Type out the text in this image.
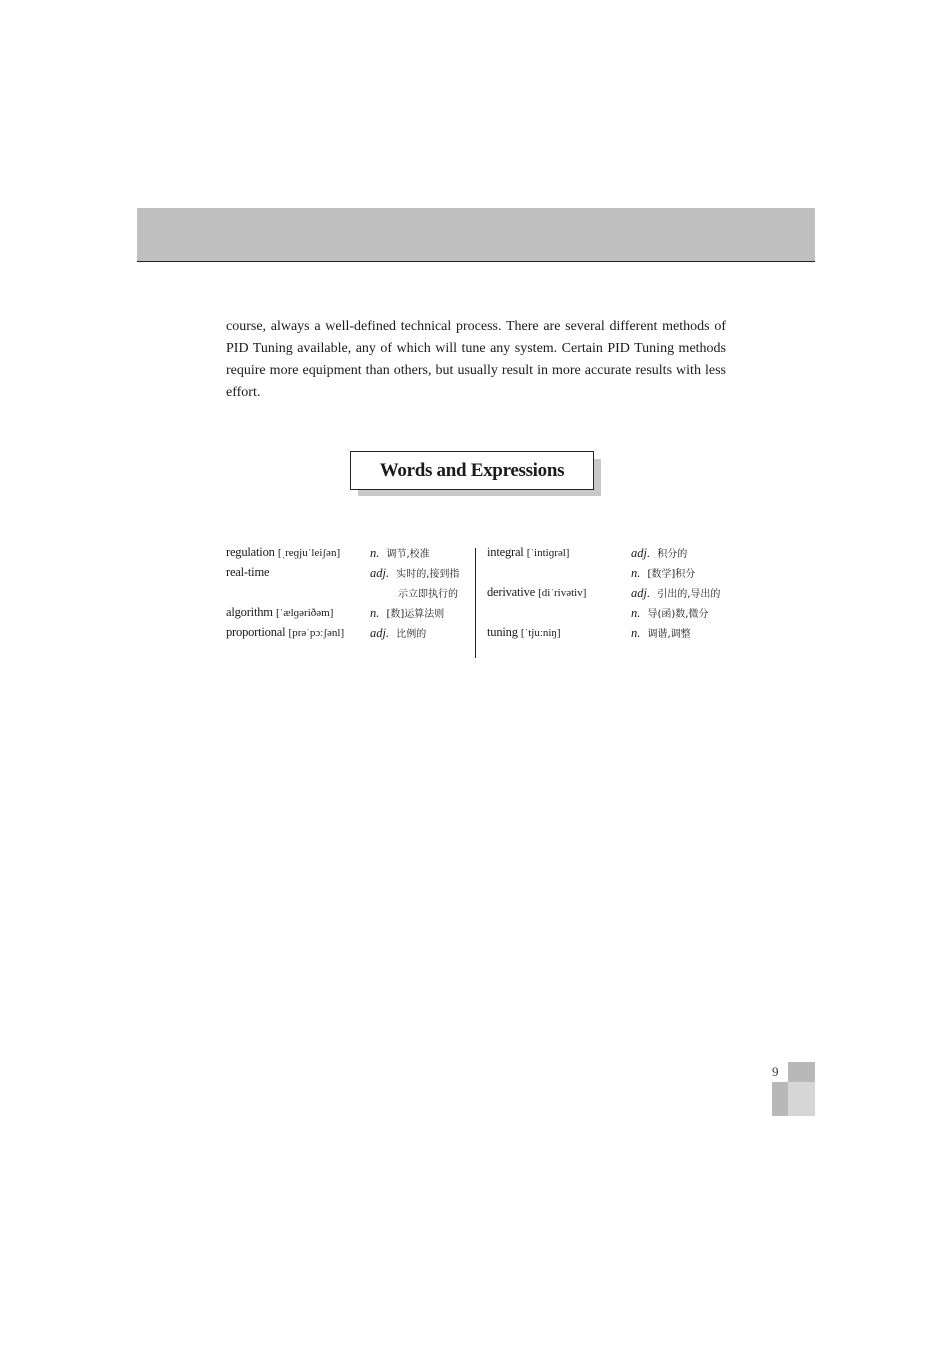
course, always a well-defined technical process. There are several different methods of PID Tuning available, any of which will tune any system. Certain PID Tuning methods require more equipment than others, but usually result in more accurate results with less effort.

Words and Expressions
regulation [ˌreɡjuˈleiʃən] n. 调节,校准
real-time	adj. 实时的,接到指
示立即执行的
algorithm [ˈælɡəriðəm]	n. [数]运算法则
proportional [prəˈpɔːʃənl] adj. 比例的
integral [ˈintiɡrəl]	adj. 积分的
n. [数学]积分
derivative [diˈrivətiv]	adj. 引出的,导出的
n. 导(函)数,微分
tuning [ˈtjuːniŋ]	n. 调谐,调整
9
